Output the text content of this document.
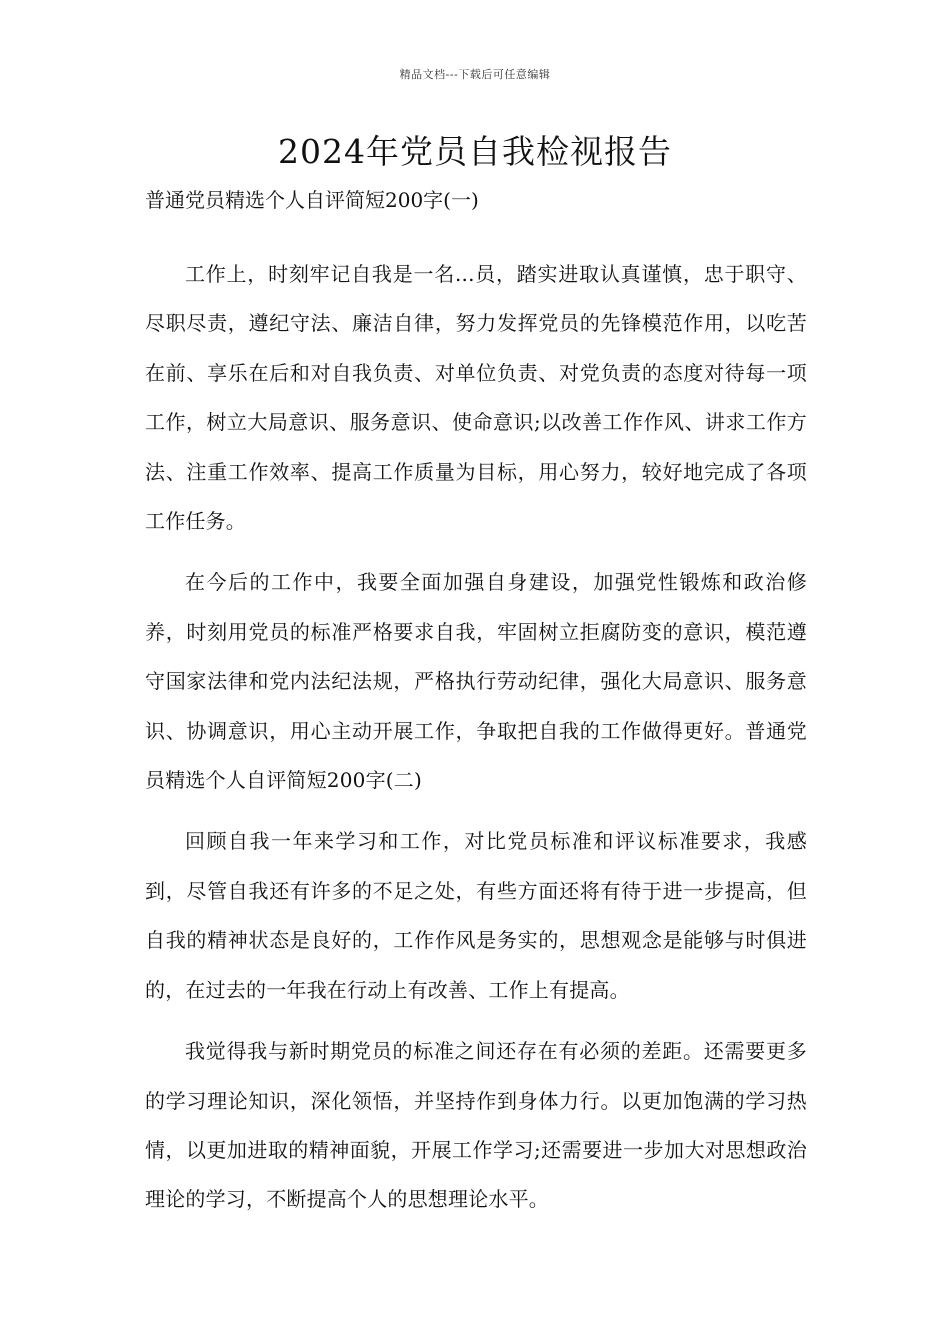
精品文档---下载后可任意编辑
2024年党员自我检视报告

普通党员精选个人自评简短200字(一)

工作上，时刻牢记自我是一名...员，踏实进取认真谨慎，忠于职守、尽职尽责，遵纪守法、廉洁自律，努力发挥党员的先锋模范作用，以吃苦在前、享乐在后和对自我负责、对单位负责、对党负责的态度对待每一项工作，树立大局意识、服务意识、使命意识;以改善工作作风、讲求工作方法、注重工作效率、提高工作质量为目标，用心努力，较好地完成了各项工作任务。

在今后的工作中，我要全面加强自身建设，加强党性锻炼和政治修养，时刻用党员的标准严格要求自我，牢固树立拒腐防变的意识，模范遵守国家法律和党内法纪法规，严格执行劳动纪律，强化大局意识、服务意识、协调意识，用心主动开展工作，争取把自我的工作做得更好。普通党员精选个人自评简短200字(二)

回顾自我一年来学习和工作，对比党员标准和评议标准要求，我感到，尽管自我还有许多的不足之处，有些方面还将有待于进一步提高，但自我的精神状态是良好的，工作作风是务实的，思想观念是能够与时俱进的，在过去的一年我在行动上有改善、工作上有提高。

我觉得我与新时期党员的标准之间还存在有必须的差距。还需要更多的学习理论知识，深化领悟，并坚持作到身体力行。以更加饱满的学习热情，以更加进取的精神面貌，开展工作学习;还需要进一步加大对思想政治理论的学习，不断提高个人的思想理论水平。
